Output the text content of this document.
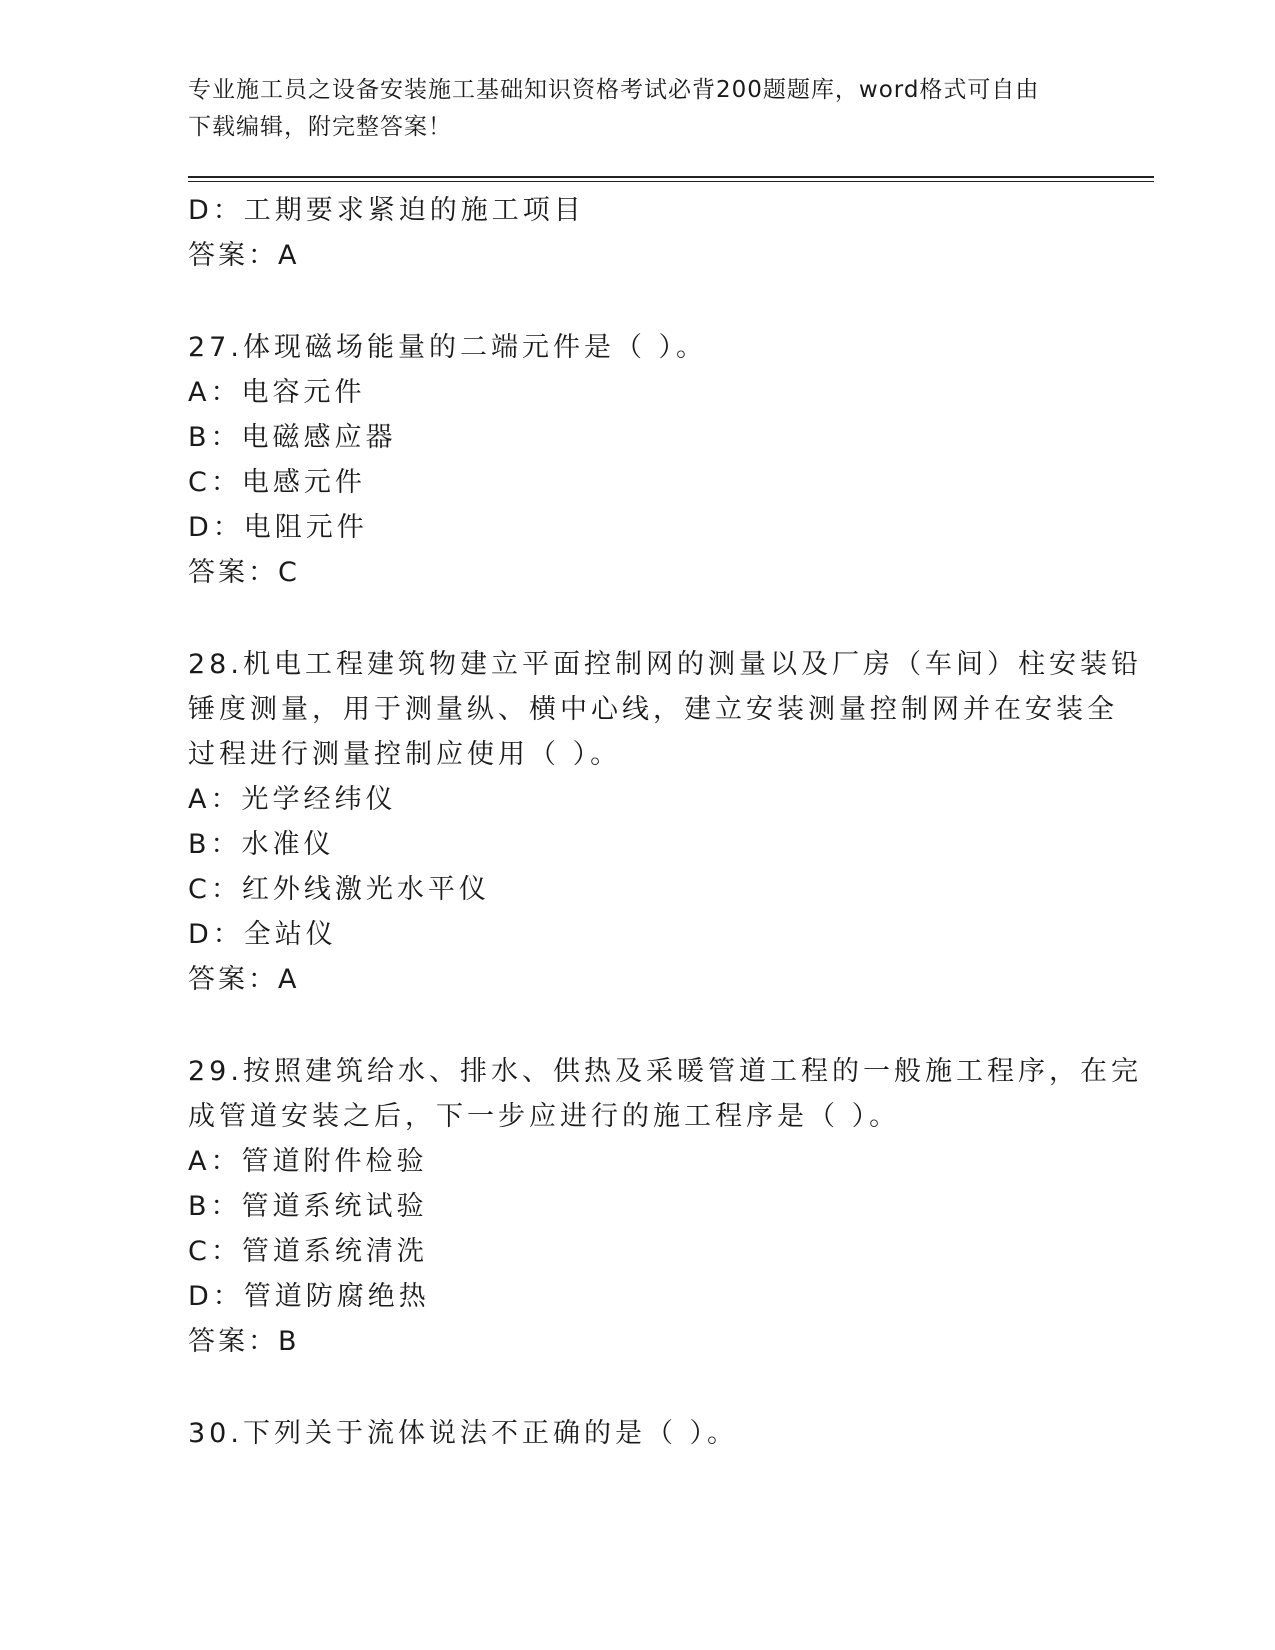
专业施工员之设备安装施工基础知识资格考试必背200题题库，word格式可自由
下载编辑，附完整答案！
D：工期要求紧迫的施工项目
答案：A
27.体现磁场能量的二端元件是（ ）。
A：电容元件
B：电磁感应器
C：电感元件
D：电阻元件
答案：C
28.机电工程建筑物建立平面控制网的测量以及厂房（车间）柱安装铅
锤度测量，用于测量纵、横中心线，建立安装测量控制网并在安装全
过程进行测量控制应使用（ ）。
A：光学经纬仪
B：水准仪
C：红外线激光水平仪
D：全站仪
答案：A
29.按照建筑给水、排水、供热及采暖管道工程的一般施工程序，在完
成管道安装之后，下一步应进行的施工程序是（ ）。
A：管道附件检验
B：管道系统试验
C：管道系统清洗
D：管道防腐绝热
答案：B
30.下列关于流体说法不正确的是（ ）。
